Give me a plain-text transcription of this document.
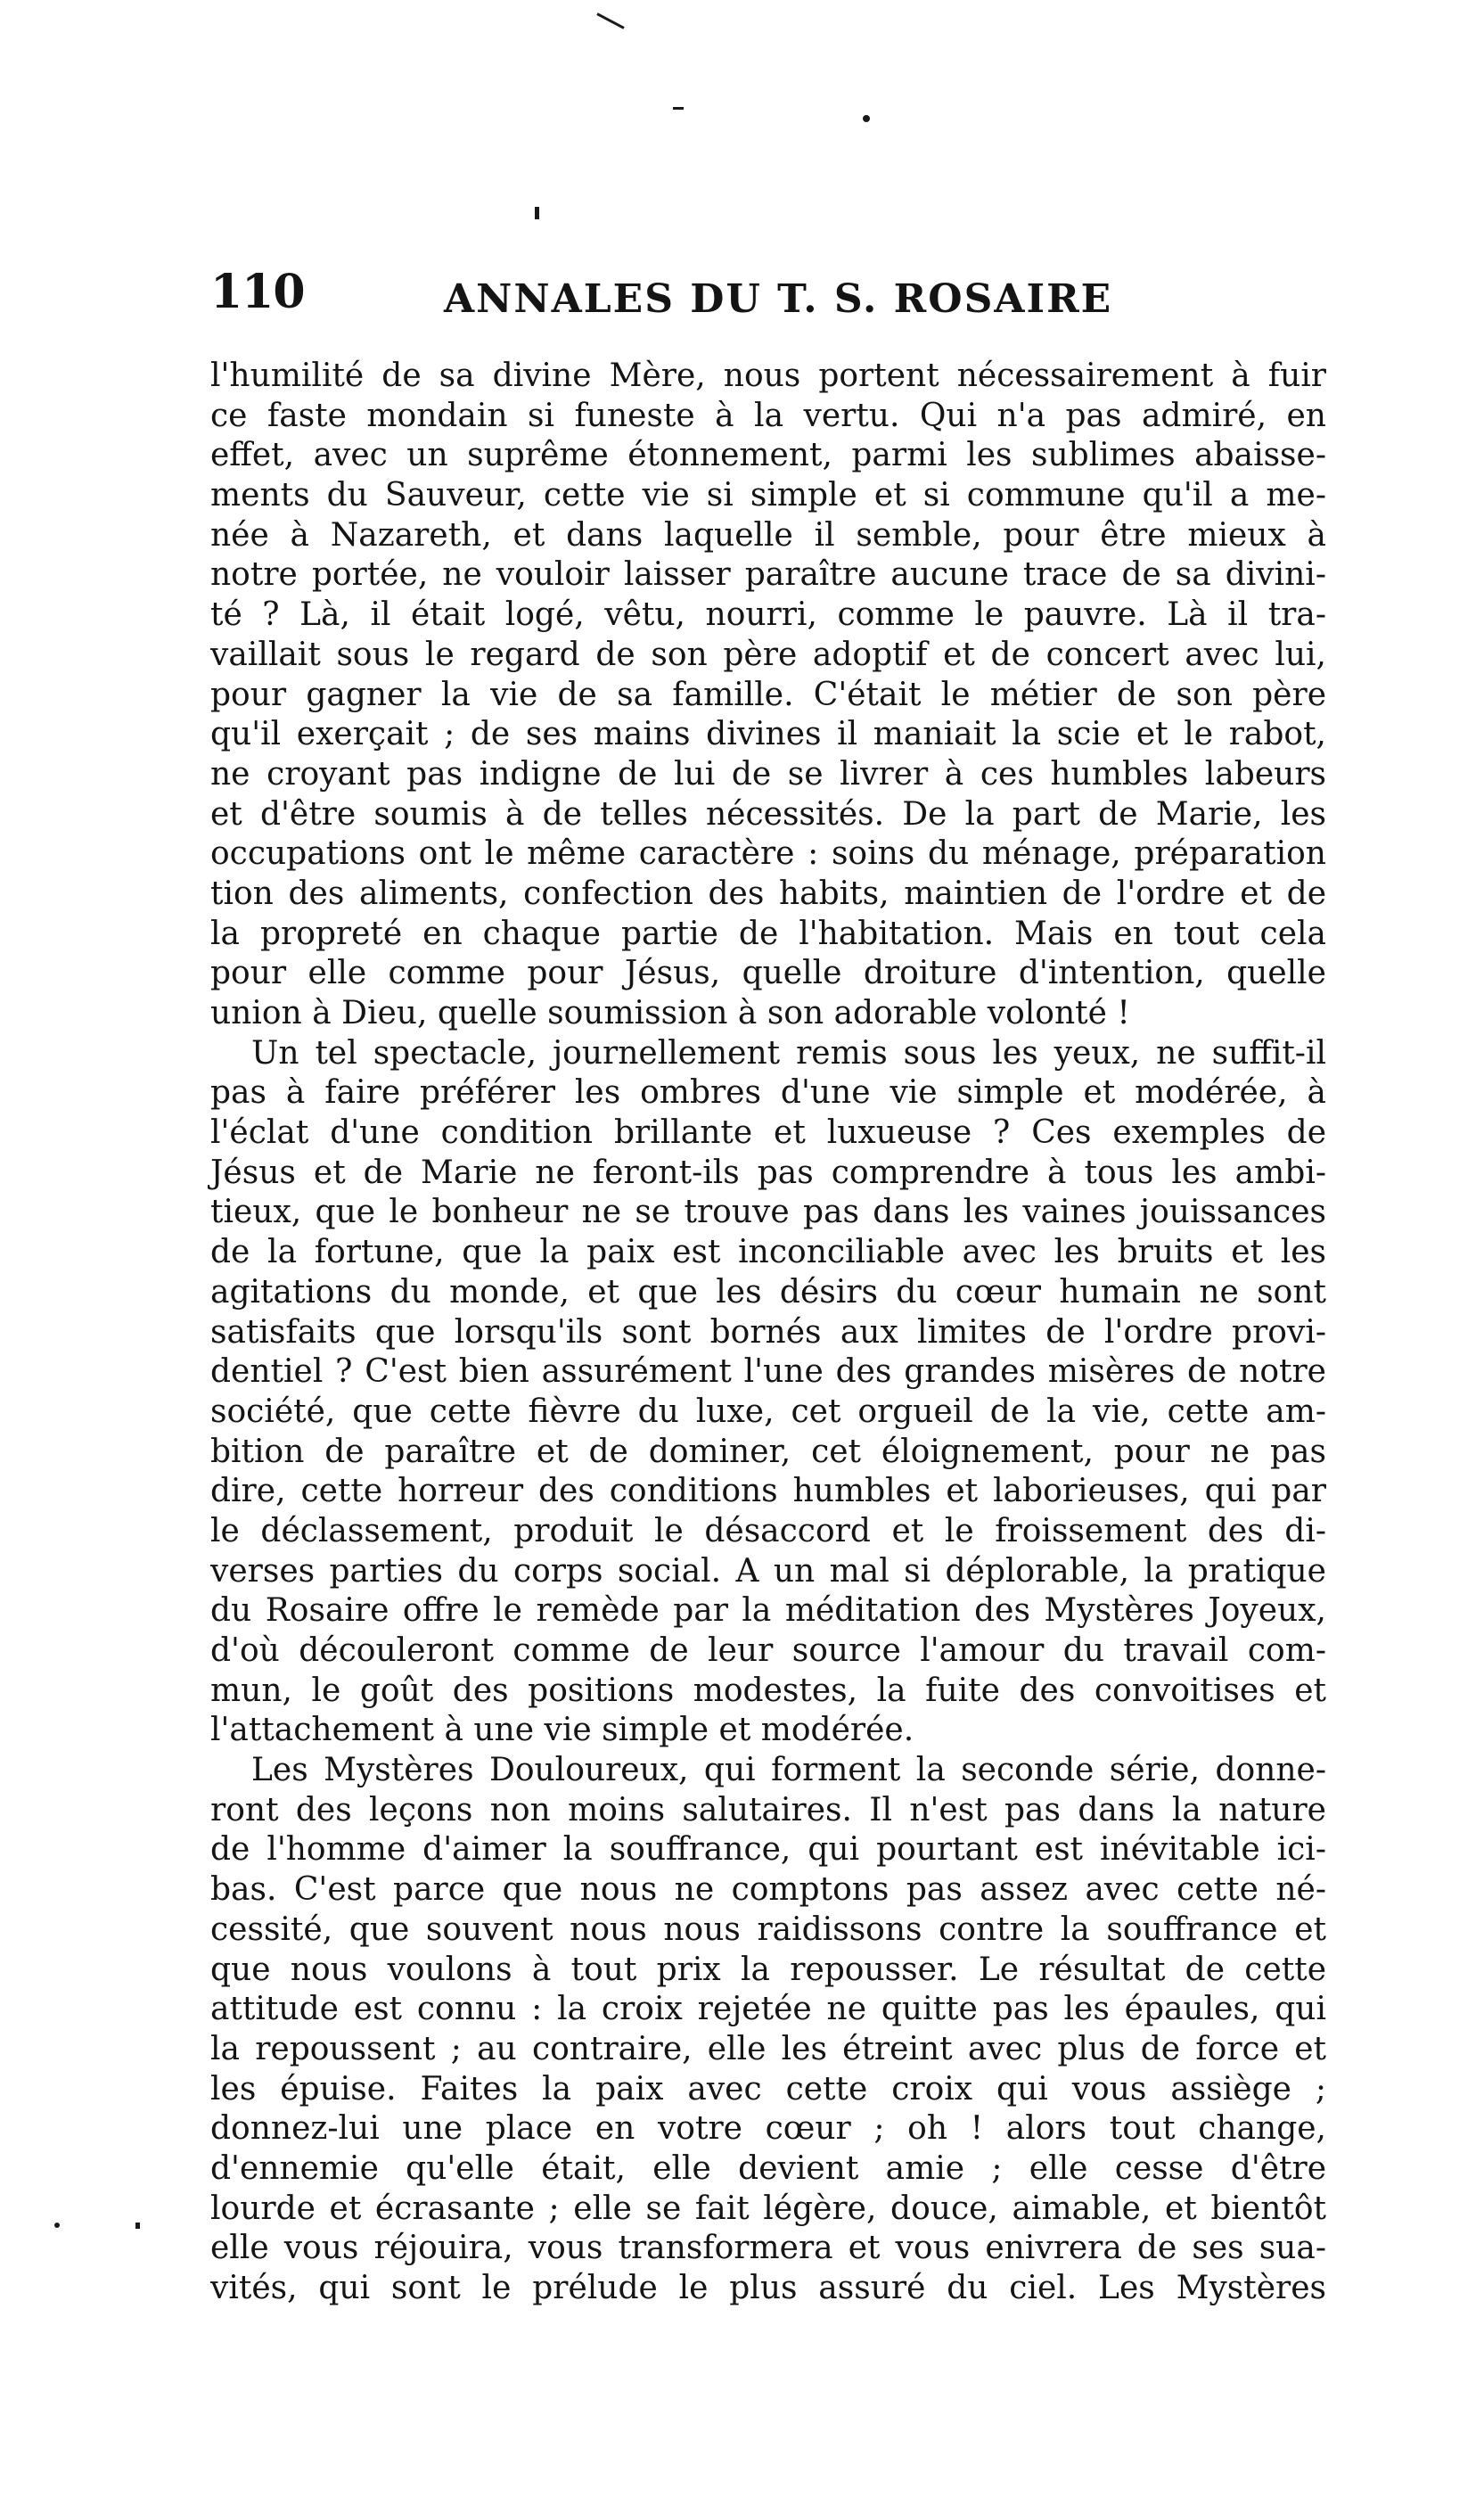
110	ANNALES DU T. S. ROSAIRE

l'humilité de sa divine Mère, nous portent nécessairement à fuir
ce faste mondain si funeste à la vertu. Qui n'a pas admiré, en
effet, avec un suprême étonnement, parmi les sublimes abaisse-
ments du Sauveur, cette vie si simple et si commune qu'il a me-
née à Nazareth, et dans laquelle il semble, pour être mieux à
notre portée, ne vouloir laisser paraître aucune trace de sa divini-
té ? Là, il était logé, vêtu, nourri, comme le pauvre. Là il tra-
vaillait sous le regard de son père adoptif et de concert avec lui,
pour gagner la vie de sa famille. C'était le métier de son père
qu'il exerçait ; de ses mains divines il maniait la scie et le rabot,
ne croyant pas indigne de lui de se livrer à ces humbles labeurs
et d'être soumis à de telles nécessités. De la part de Marie, les
occupations ont le même caractère : soins du ménage, préparation
tion des aliments, confection des habits, maintien de l'ordre et de
la propreté en chaque partie de l'habitation. Mais en tout cela
pour elle comme pour Jésus, quelle droiture d'intention, quelle
union à Dieu, quelle soumission à son adorable volonté !

Un tel spectacle, journellement remis sous les yeux, ne suffit-il
pas à faire préférer les ombres d'une vie simple et modérée, à
l'éclat d'une condition brillante et luxueuse ? Ces exemples de
Jésus et de Marie ne feront-ils pas comprendre à tous les ambi-
tieux, que le bonheur ne se trouve pas dans les vaines jouissances
de la fortune, que la paix est inconciliable avec les bruits et les
agitations du monde, et que les désirs du cœur humain ne sont
satisfaits que lorsqu'ils sont bornés aux limites de l'ordre provi-
dentiel ? C'est bien assurément l'une des grandes misères de notre
société, que cette fièvre du luxe, cet orgueil de la vie, cette am-
bition de paraître et de dominer, cet éloignement, pour ne pas
dire, cette horreur des conditions humbles et laborieuses, qui par
le déclassement, produit le désaccord et le froissement des di-
verses parties du corps social. A un mal si déplorable, la pratique
du Rosaire offre le remède par la méditation des Mystères Joyeux,
d'où découleront comme de leur source l'amour du travail com-
mun, le goût des positions modestes, la fuite des convoitises et
l'attachement à une vie simple et modérée.

Les Mystères Douloureux, qui forment la seconde série, donne-
ront des leçons non moins salutaires. Il n'est pas dans la nature
de l'homme d'aimer la souffrance, qui pourtant est inévitable ici-
bas. C'est parce que nous ne comptons pas assez avec cette né-
cessité, que souvent nous nous raidissons contre la souffrance et
que nous voulons à tout prix la repousser. Le résultat de cette
attitude est connu : la croix rejetée ne quitte pas les épaules, qui
la repoussent ; au contraire, elle les étreint avec plus de force et
les épuise. Faites la paix avec cette croix qui vous assiège ;
donnez-lui une place en votre cœur ; oh ! alors tout change,
d'ennemie qu'elle était, elle devient amie ; elle cesse d'être
lourde et écrasante ; elle se fait légère, douce, aimable, et bientôt
elle vous réjouira, vous transformera et vous enivrera de ses sua-
vités, qui sont le prélude le plus assuré du ciel. Les Mystères
